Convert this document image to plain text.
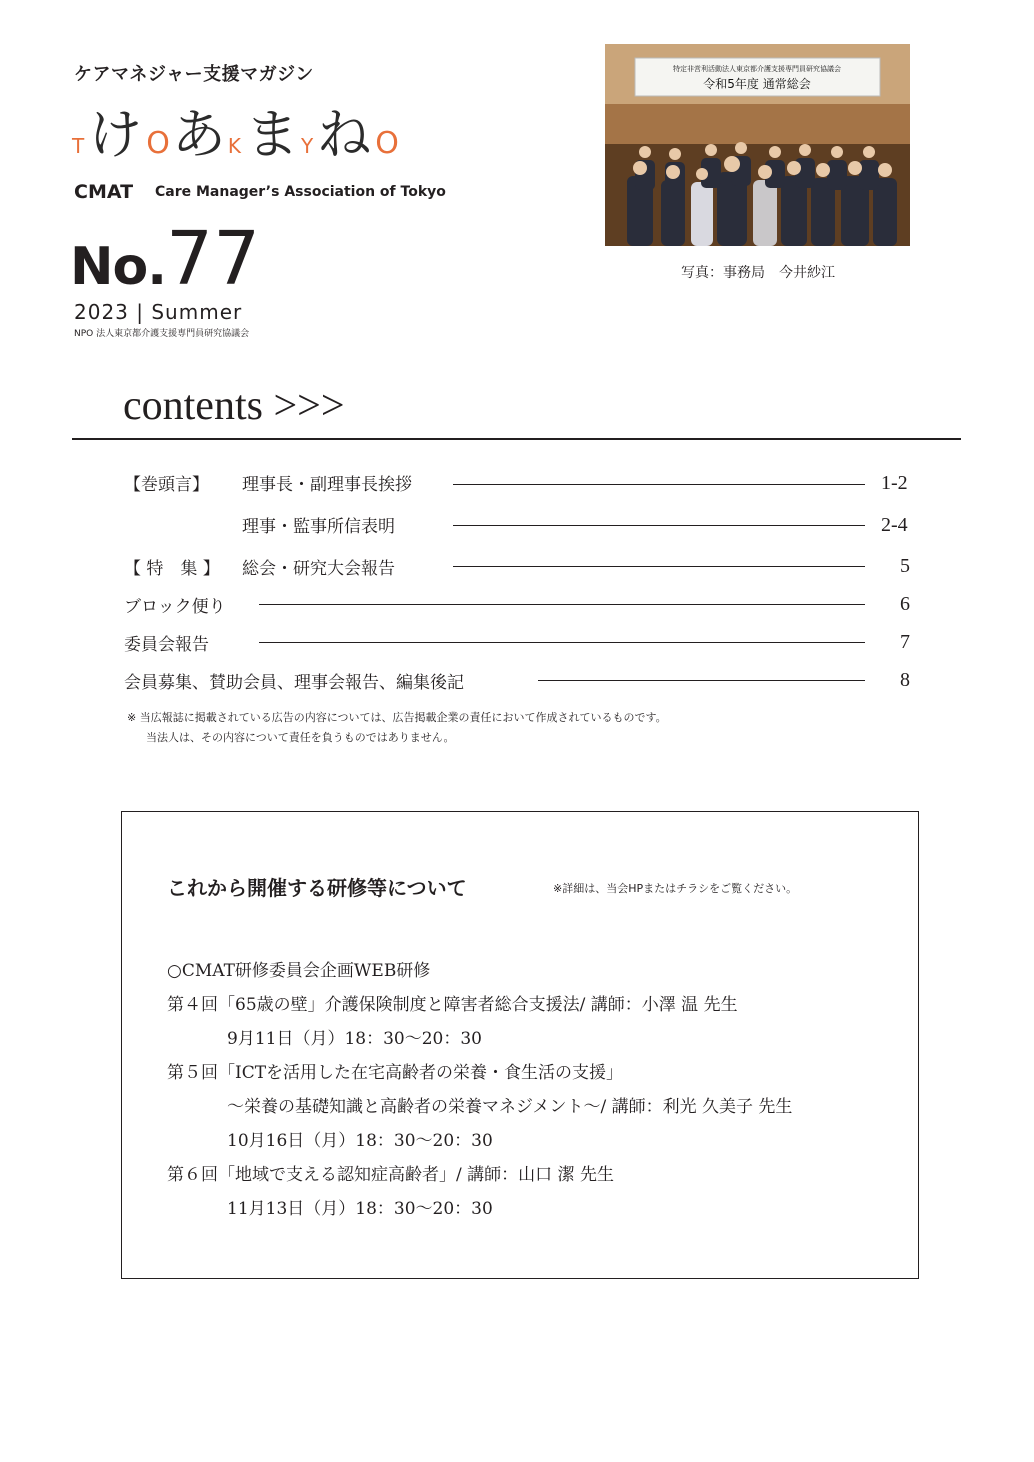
ケアマネジャー支援マガジン
Tけ Oあ Kま Yね O
CMAT Care Manager’s Association of Tokyo
No.77
2023 | Summer
NPO 法人東京都介護支援専門員研究協議会
特定非営利活動法人東京都介護支援専門員研究協議会
令和5年度 通常総会
写真：事務局　今井紗江
contents >>>
【巻頭言】 理事長・副理事長挨拶	1-2
理事・監事所信表明	2-4
【 特　集 】 総会・研究大会報告	5
ブロック便り	6
委員会報告	7
会員募集、賛助会員、理事会報告、編集後記	8
※ 当広報誌に掲載されている広告の内容については、広告掲載企業の責任において作成されているものです。
当法人は、その内容について責任を負うものではありません。
これから開催する研修等について	※詳細は、当会HPまたはチラシをご覧ください。
○CMAT研修委員会企画WEB研修
第４回「65歳の壁」介護保険制度と障害者総合支援法/ 講師：小澤 温 先生
9月11日（月）18：30～20：30
第５回「ICTを活用した在宅高齢者の栄養・食生活の支援」
～栄養の基礎知識と高齢者の栄養マネジメント～/ 講師：利光 久美子 先生
10月16日（月）18：30～20：30
第６回「地域で支える認知症高齢者」/ 講師：山口 潔 先生
11月13日（月）18：30～20：30
